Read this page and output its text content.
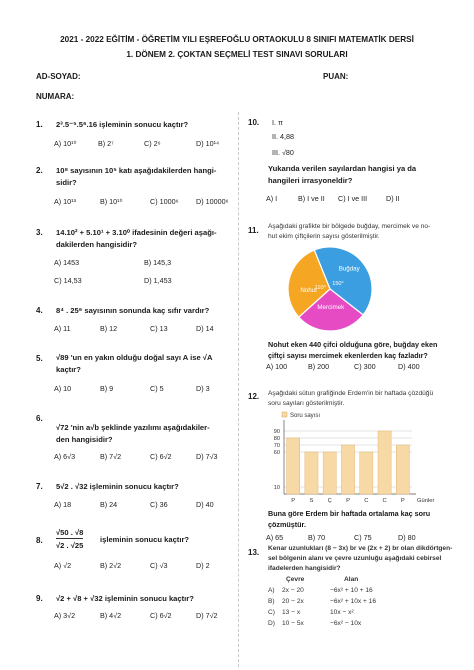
2021 - 2022 EĞİTİM - ÖĞRETİM YILI EŞREFOĞLU ORTAOKULU 8 SINIFI MATEMATİK DERSİ
1. DÖNEM 2. ÇOKTAN SEÇMELİ TEST SINAVI SORULARI
AD-SOYAD:	PUAN:
NUMARA:
1. 2³.5⁻⁵.5⁶.16 işleminin sonucu kaçtır?
A) 10¹⁰	B) 2⁷	C) 2⁶	D) 10¹⁴
2. 10⁸ sayısının 10⁵ katı aşağıdakilerden hangi-
sidir?
A) 10¹³	B) 10¹⁰	C) 1000⁶ D) 10000⁶
3. 14.10² + 5.10¹ + 3.10⁰ ifadesinin değeri aşağı-
dakilerden hangisidir?
A) 1453	B) 145,3
C) 14,53	D) 1,453
4. 8⁴ . 25⁶ sayısının sonunda kaç sıfır vardır?
A) 11	B) 12	C) 13	D) 14
5. √89 'un en yakın olduğu doğal sayı A ise √A
kaçtır?
A) 10	B) 9	C) 5	D) 3
6.
√72 'nin a√b şeklinde yazılımı aşağıdakiler-
den hangisidir?
A) 6√3	B) 7√2	C) 6√2	D) 7√3
7. 5√2 . √32 işleminin sonucu kaçtır?
A) 18	B) 24	C) 36	D) 40
8.
√50 . √8
√2 . √25
işleminin sonucu kaçtır?
A) √2	B) 2√2	C) √3	D) 2
9. √2 + √8 + √32 işleminin sonucu kaçtır?
A) 3√2	B) 4√2	C) 6√2	D) 7√2
10. I. π
II. 4,88
III. √80
Yukarıda verilen sayılardan hangisi ya da
hangileri irrasyoneldir?
A) I	B) I ve II C) I ve III	D) II
11. Aşağıdaki grafikte bir bölgede buğday, mercimek ve no-
hut ekim çiftçilerin sayısı gösterilmiştir.
Buğday
150°
Mercimek
Nohut
110°
Nohut eken 440 çifci olduğuna göre, buğday eken
çiftçi sayısı mercimek ekenlerden kaç fazladır?
A) 100	B) 200	C) 300	D) 400
12. Aşağıdaki sütun grafiğinde Erdem'in bir haftada çözdüğü
soru sayıları gösterilmiştir.
Soru sayısı
10
60
70
80
90
P S Ç P C C P Günler
Buna göre Erdem bir haftada ortalama kaç soru
çözmüştür.
A) 65	B) 70	C) 75	D) 80
13. Kenar uzunlukları (8 − 3x) br ve (2x + 2) br olan dikdörtgen-
sel bölgenin alanı ve çevre uzunluğu aşağıdaki cebirsel
ifadelerden hangisidir?
Çevre	Alan
A) 2x − 20	−6x² + 10 + 16
B) 20 − 2x	−6x² + 10x + 16
C) 13 − x	10x − x²
D) 10 − 5x	−6x² − 10x
